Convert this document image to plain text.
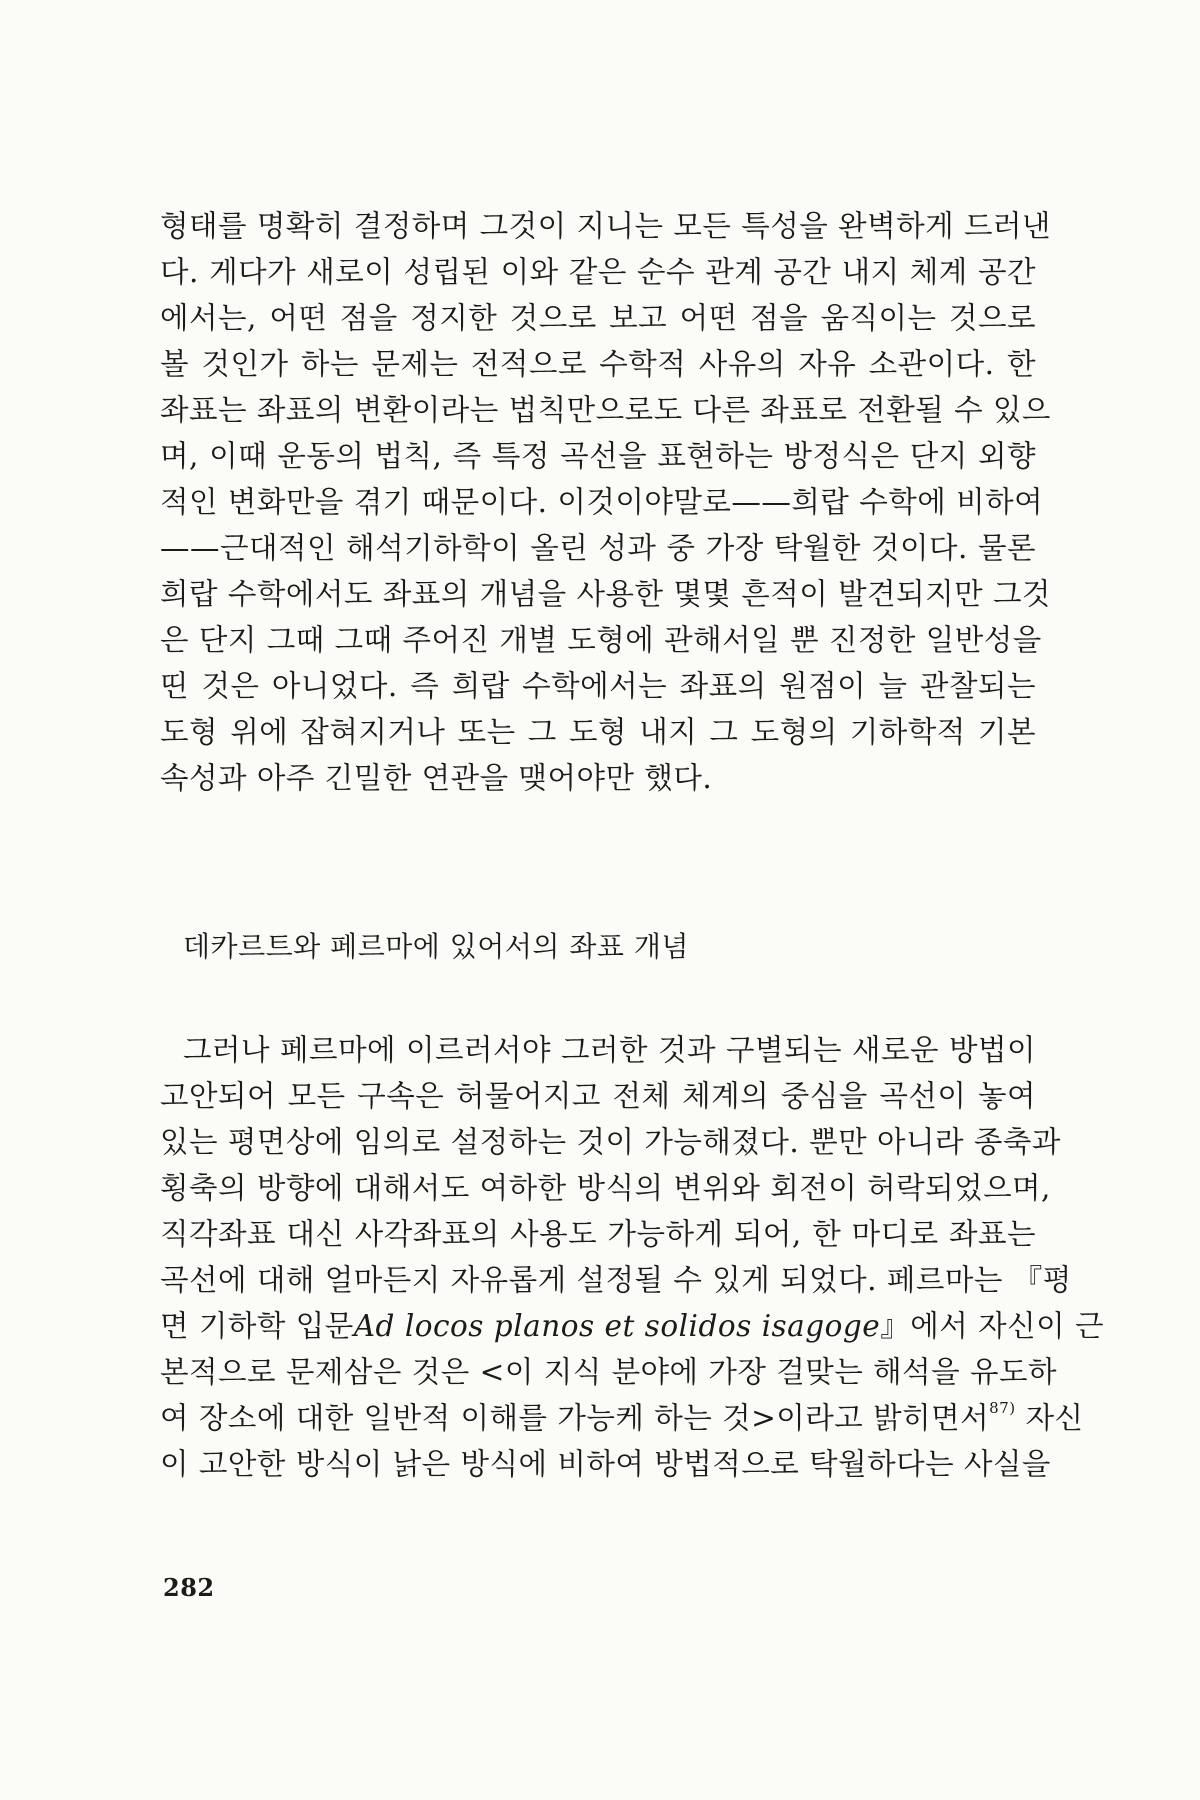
형태를 명확히 결정하며 그것이 지니는 모든 특성을 완벽하게 드러낸
다. 게다가 새로이 성립된 이와 같은 순수 관계 공간 내지 체계 공간
에서는, 어떤 점을 정지한 것으로 보고 어떤 점을 움직이는 것으로
볼 것인가 하는 문제는 전적으로 수학적 사유의 자유 소관이다. 한
좌표는 좌표의 변환이라는 법칙만으로도 다른 좌표로 전환될 수 있으
며, 이때 운동의 법칙, 즉 특정 곡선을 표현하는 방정식은 단지 외향
적인 변화만을 겪기 때문이다. 이것이야말로——희랍 수학에 비하여
——근대적인 해석기하학이 올린 성과 중 가장 탁월한 것이다. 물론
희랍 수학에서도 좌표의 개념을 사용한 몇몇 흔적이 발견되지만 그것
은 단지 그때 그때 주어진 개별 도형에 관해서일 뿐 진정한 일반성을
띤 것은 아니었다. 즉 희랍 수학에서는 좌표의 원점이 늘 관찰되는
도형 위에 잡혀지거나 또는 그 도형 내지 그 도형의 기하학적 기본
속성과 아주 긴밀한 연관을 맺어야만 했다.
데카르트와 페르마에 있어서의 좌표 개념
그러나 페르마에 이르러서야 그러한 것과 구별되는 새로운 방법이
고안되어 모든 구속은 허물어지고 전체 체계의 중심을 곡선이 놓여
있는 평면상에 임의로 설정하는 것이 가능해졌다. 뿐만 아니라 종축과
횡축의 방향에 대해서도 여하한 방식의 변위와 회전이 허락되었으며,
직각좌표 대신 사각좌표의 사용도 가능하게 되어, 한 마디로 좌표는
곡선에 대해 얼마든지 자유롭게 설정될 수 있게 되었다. 페르마는 『평
면 기하학 입문Ad locos planos et solidos isagoge』에서 자신이 근
본적으로 문제삼은 것은 <이 지식 분야에 가장 걸맞는 해석을 유도하
여 장소에 대한 일반적 이해를 가능케 하는 것>이라고 밝히면서$^{87)}$ 자신
이 고안한 방식이 낡은 방식에 비하여 방법적으로 탁월하다는 사실을
282
